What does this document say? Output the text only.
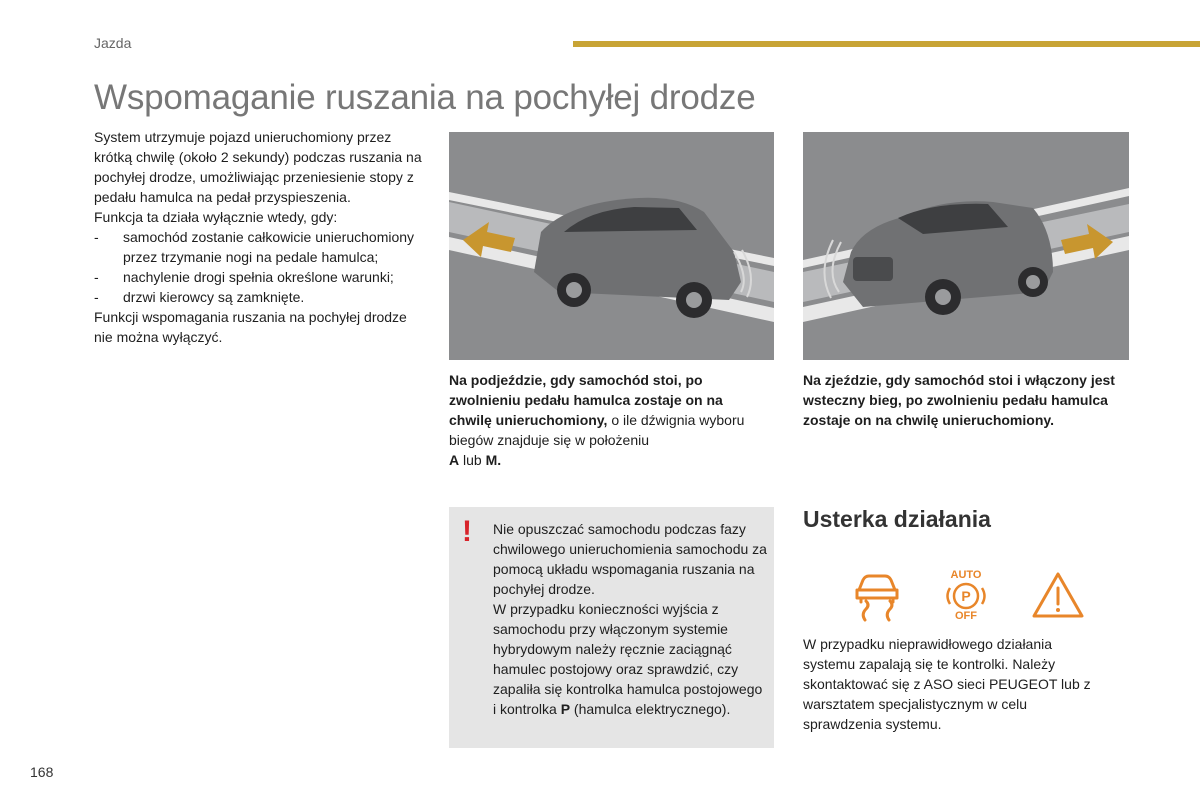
Jazda
Wspomaganie ruszania na pochyłej drodze

System utrzymuje pojazd unieruchomiony przez krótką chwilę (około 2 sekundy) podczas ruszania na pochyłej drodze, umożliwiając przeniesienie stopy z pedału hamulca na pedał przyspieszenia.

Funkcja ta działa wyłącznie wtedy, gdy:

- samochód zostanie całkowicie unieruchomiony przez trzymanie nogi na pedale hamulca;
- nachylenie drogi spełnia określone warunki;
- drzwi kierowcy są zamknięte.

Funkcji wspomagania ruszania na pochyłej drodze nie można wyłączyć.

Na podjeździe, gdy samochód stoi, po zwolnieniu pedału hamulca zostaje on na chwilę unieruchomiony, o ile dźwignia wyboru biegów znajduje się w położeniu
A lub M.
Na zjeździe, gdy samochód stoi i włączony jest wsteczny bieg, po zwolnieniu pedału hamulca zostaje on na chwilę unieruchomiony.
! Nie opuszczać samochodu podczas fazy chwilowego unieruchomienia samochodu za pomocą układu wspomagania ruszania na pochyłej drodze.
W przypadku konieczności wyjścia z samochodu przy włączonym systemie hybrydowym należy ręcznie zaciągnąć hamulec postojowy oraz sprawdzić, czy zapaliła się kontrolka hamulca postojowego i kontrolka P (hamulca elektrycznego).
Usterka działania
AUTO
P
OFF
W przypadku nieprawidłowego działania systemu zapalają się te kontrolki. Należy skontaktować się z ASO sieci PEUGEOT lub z warsztatem specjalistycznym w celu sprawdzenia systemu.
168
